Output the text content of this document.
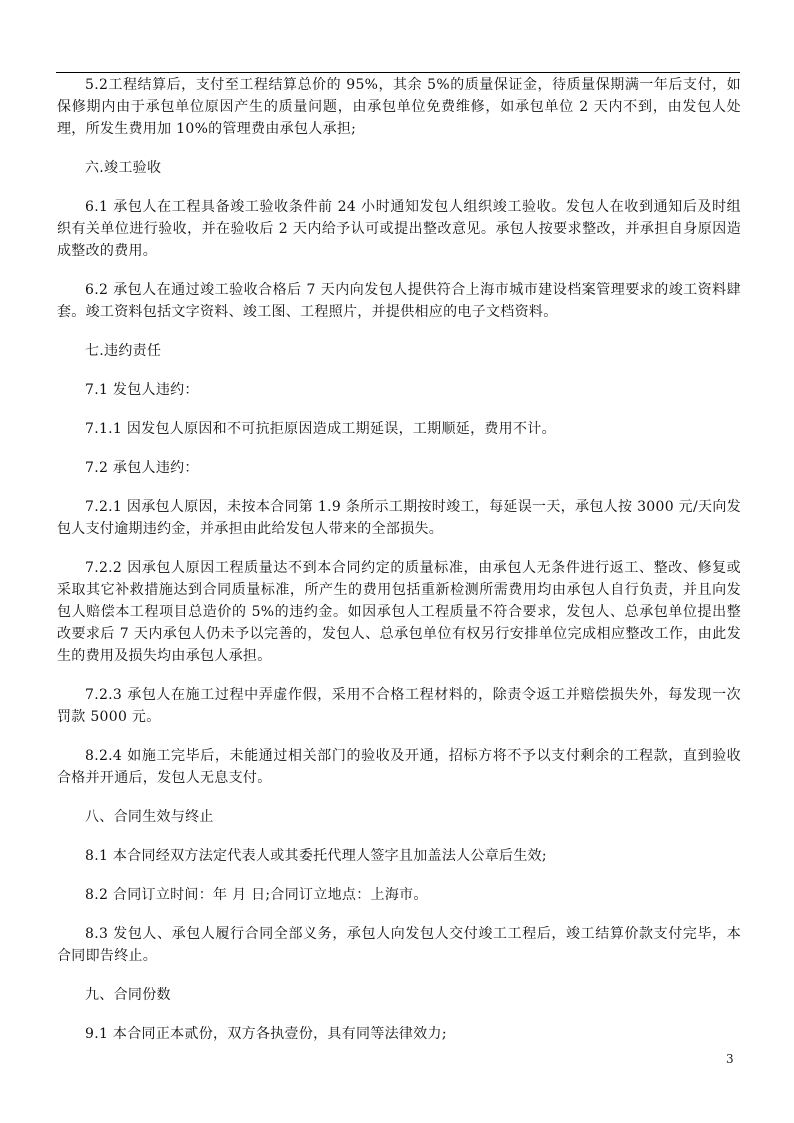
5.2工程结算后，支付至工程结算总价的 95%，其余 5%的质量保证金，待质量保期满一年后支付，如保修期内由于承包单位原因产生的质量问题，由承包单位免费维修，如承包单位 2 天内不到，由发包人处理，所发生费用加 10%的管理费由承包人承担;

六.竣工验收

6.1 承包人在工程具备竣工验收条件前 24 小时通知发包人组织竣工验收。发包人在收到通知后及时组织有关单位进行验收，并在验收后 2 天内给予认可或提出整改意见。承包人按要求整改，并承担自身原因造成整改的费用。

6.2 承包人在通过竣工验收合格后 7 天内向发包人提供符合上海市城市建设档案管理要求的竣工资料肆套。竣工资料包括文字资料、竣工图、工程照片，并提供相应的电子文档资料。

七.违约责任

7.1 发包人违约：

7.1.1 因发包人原因和不可抗拒原因造成工期延误，工期顺延，费用不计。

7.2 承包人违约：

7.2.1 因承包人原因，未按本合同第 1.9 条所示工期按时竣工，每延误一天，承包人按 3000 元/天向发包人支付逾期违约金，并承担由此给发包人带来的全部损失。

7.2.2 因承包人原因工程质量达不到本合同约定的质量标准，由承包人无条件进行返工、整改、修复或采取其它补救措施达到合同质量标准，所产生的费用包括重新检测所需费用均由承包人自行负责，并且向发包人赔偿本工程项目总造价的 5%的违约金。如因承包人工程质量不符合要求，发包人、总承包单位提出整改要求后 7 天内承包人仍未予以完善的，发包人、总承包单位有权另行安排单位完成相应整改工作，由此发生的费用及损失均由承包人承担。

7.2.3 承包人在施工过程中弄虚作假，采用不合格工程材料的，除责令返工并赔偿损失外，每发现一次罚款 5000 元。

8.2.4 如施工完毕后，未能通过相关部门的验收及开通，招标方将不予以支付剩余的工程款，直到验收合格并开通后，发包人无息支付。

八、合同生效与终止

8.1 本合同经双方法定代表人或其委托代理人签字且加盖法人公章后生效;

8.2 合同订立时间：年 月 日;合同订立地点：上海市。

8.3 发包人、承包人履行合同全部义务，承包人向发包人交付竣工工程后，竣工结算价款支付完毕，本合同即告终止。

九、合同份数

9.1 本合同正本贰份，双方各执壹份，具有同等法律效力;

3
